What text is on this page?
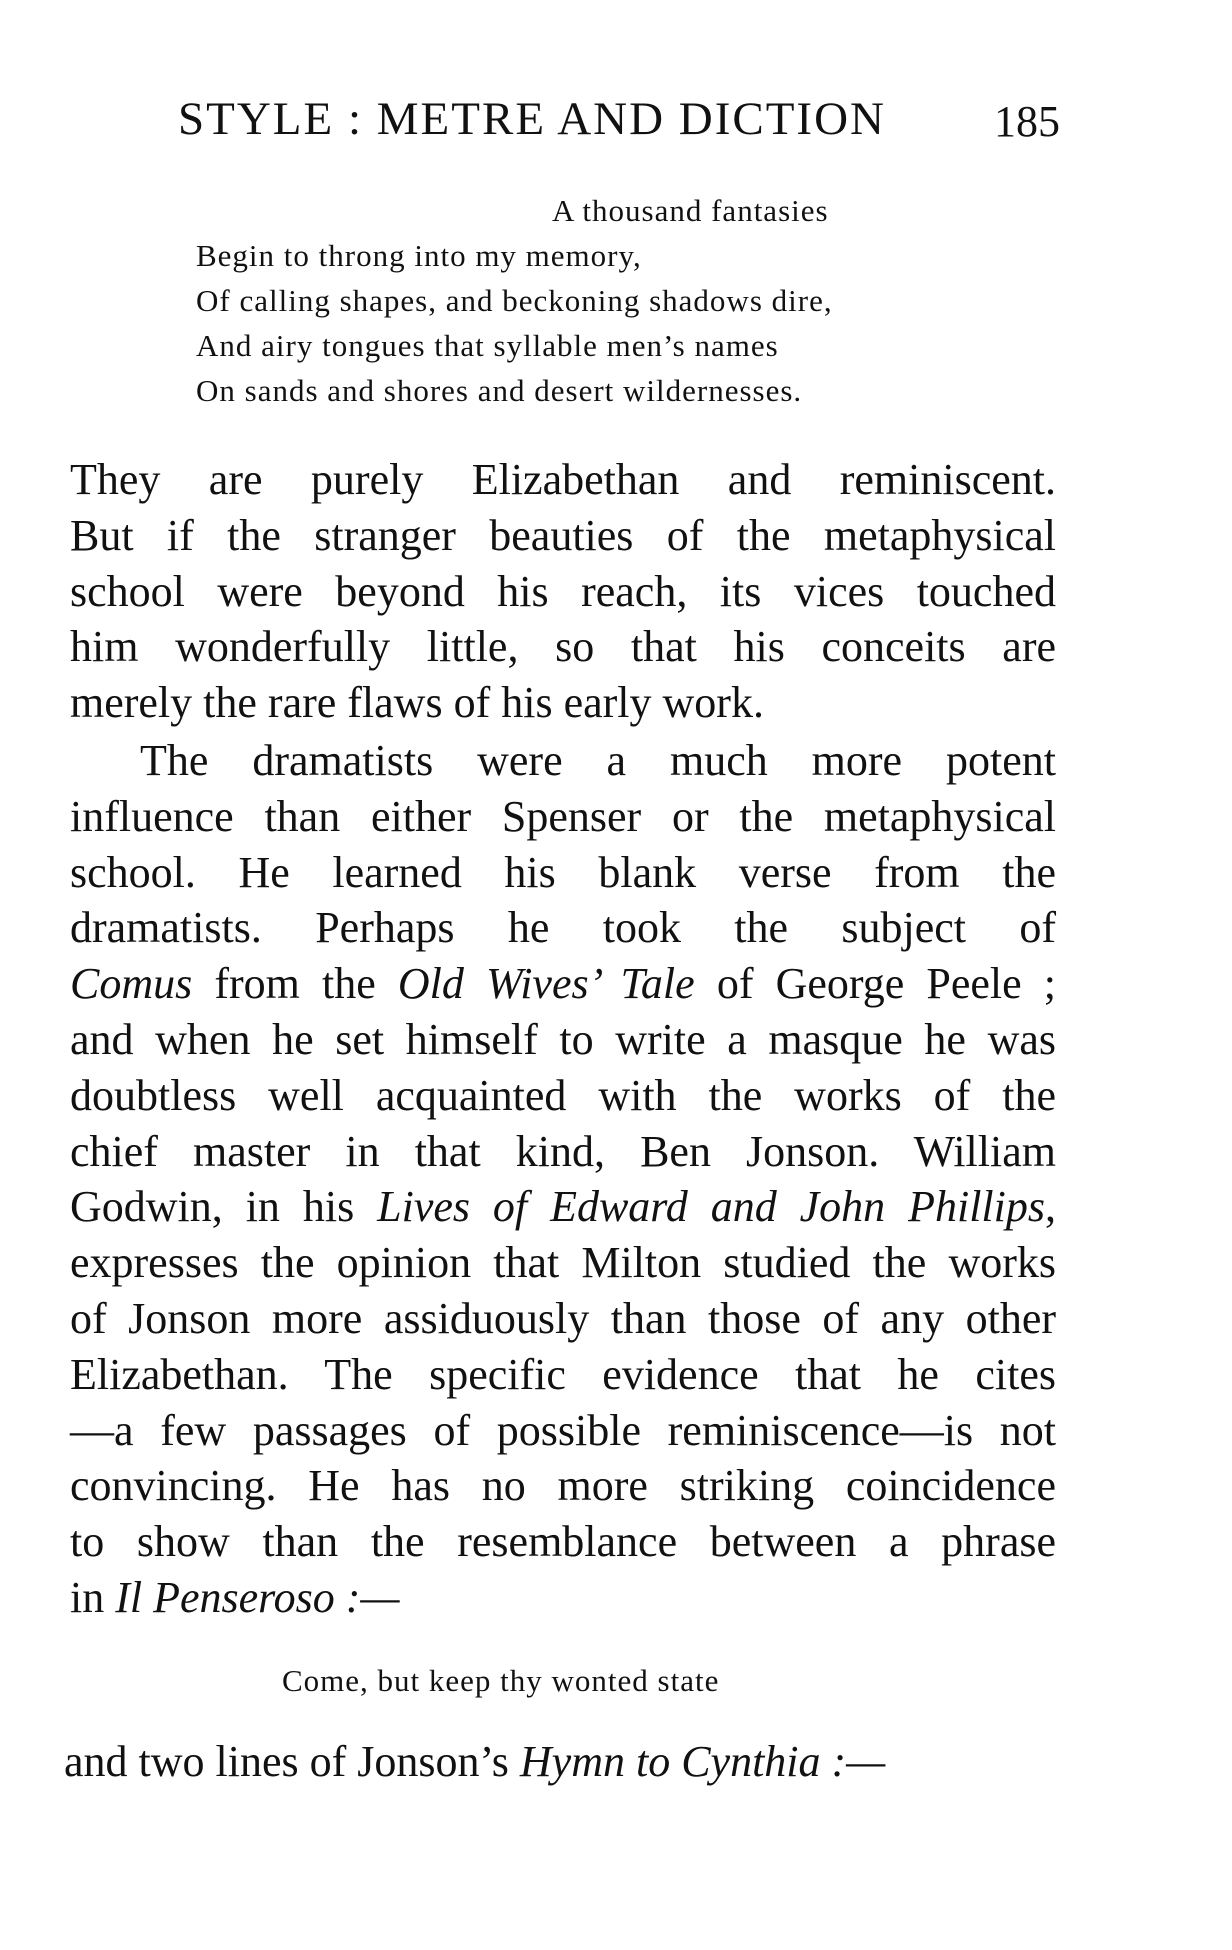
STYLE : METRE AND DICTION 185
A thousand fantasies
Begin to throng into my memory,
Of calling shapes, and beckoning shadows dire,
And airy tongues that syllable men’s names
On sands and shores and desert wildernesses.

They are purely Elizabethan and reminiscent.
But if the stranger beauties of the metaphysical
school were beyond his reach, its vices touched
him wonderfully little, so that his conceits are
merely the rare flaws of his early work.

The dramatists were a much more potent
influence than either Spenser or the metaphysical
school. He learned his blank verse from the
dramatists. Perhaps he took the subject of
Comus from the Old Wives’ Tale of George Peele ;
and when he set himself to write a masque he was
doubtless well acquainted with the works of the
chief master in that kind, Ben Jonson. William
Godwin, in his Lives of Edward and John Phillips,
expresses the opinion that Milton studied the works
of Jonson more assiduously than those of any other
Elizabethan. The specific evidence that he cites
—a few passages of possible reminiscence—is not
convincing. He has no more striking coincidence
to show than the resemblance between a phrase
in Il Penseroso :—

Come, but keep thy wonted state
and two lines of Jonson’s Hymn to Cynthia :—
